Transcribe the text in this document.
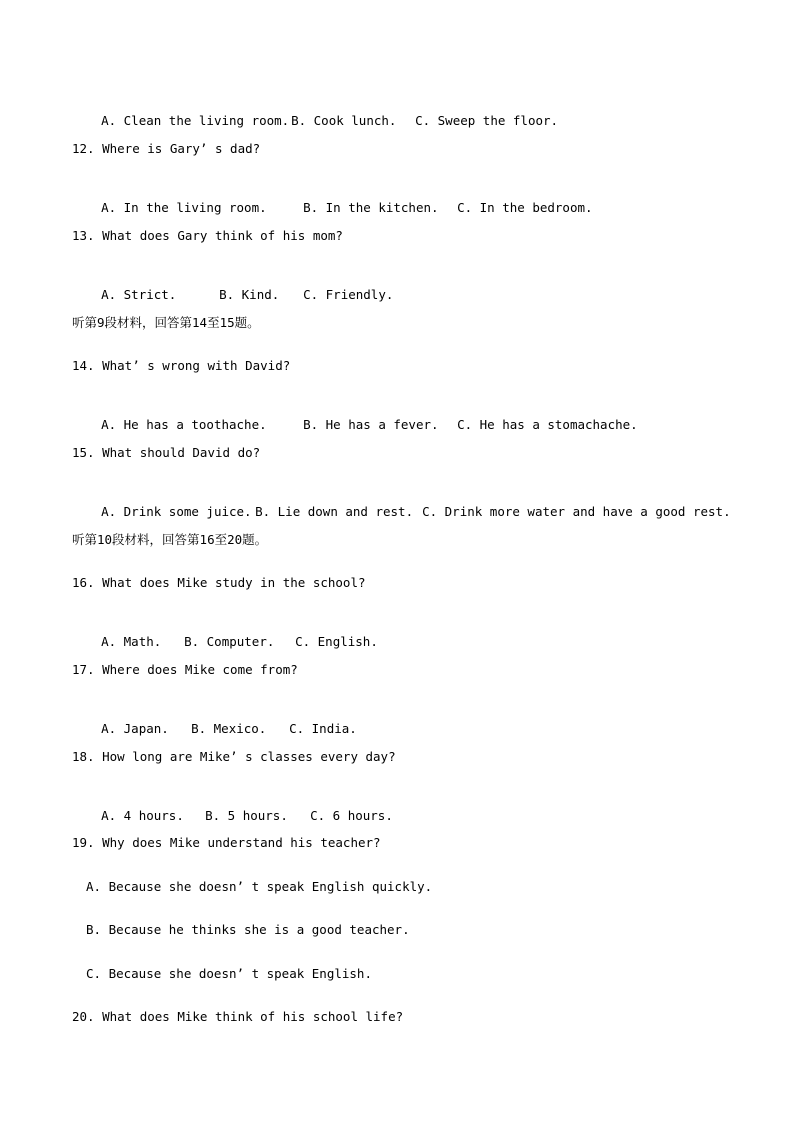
A. Clean the living room. B. Cook lunch. C. Sweep the floor.

12. Where is Gary’ s dad?

A. In the living room.	B. In the kitchen. C. In the bedroom.

13. What does Gary think of his mom?

A. Strict.	B. Kind. C. Friendly.

听第9段材料，回答第14至15题。
14. What’ s wrong with David?

A. He has a toothache.	B. He has a fever. C. He has a stomachache.

15. What should David do?

A. Drink some juice. B. Lie down and rest. C. Drink more water and have a good rest.

听第10段材料，回答第16至20题。
16. What does Mike study in the school?

A. Math. B. Computer. C. English.

17. Where does Mike come from?

A. Japan. B. Mexico. C. India.

18. How long are Mike’ s classes every day?

A. 4 hours. B. 5 hours. C. 6 hours.

19. Why does Mike understand his teacher?
A. Because she doesn’ t speak English quickly.
B. Because he thinks she is a good teacher.
C. Because she doesn’ t speak English.
20. What does Mike think of his school life?
